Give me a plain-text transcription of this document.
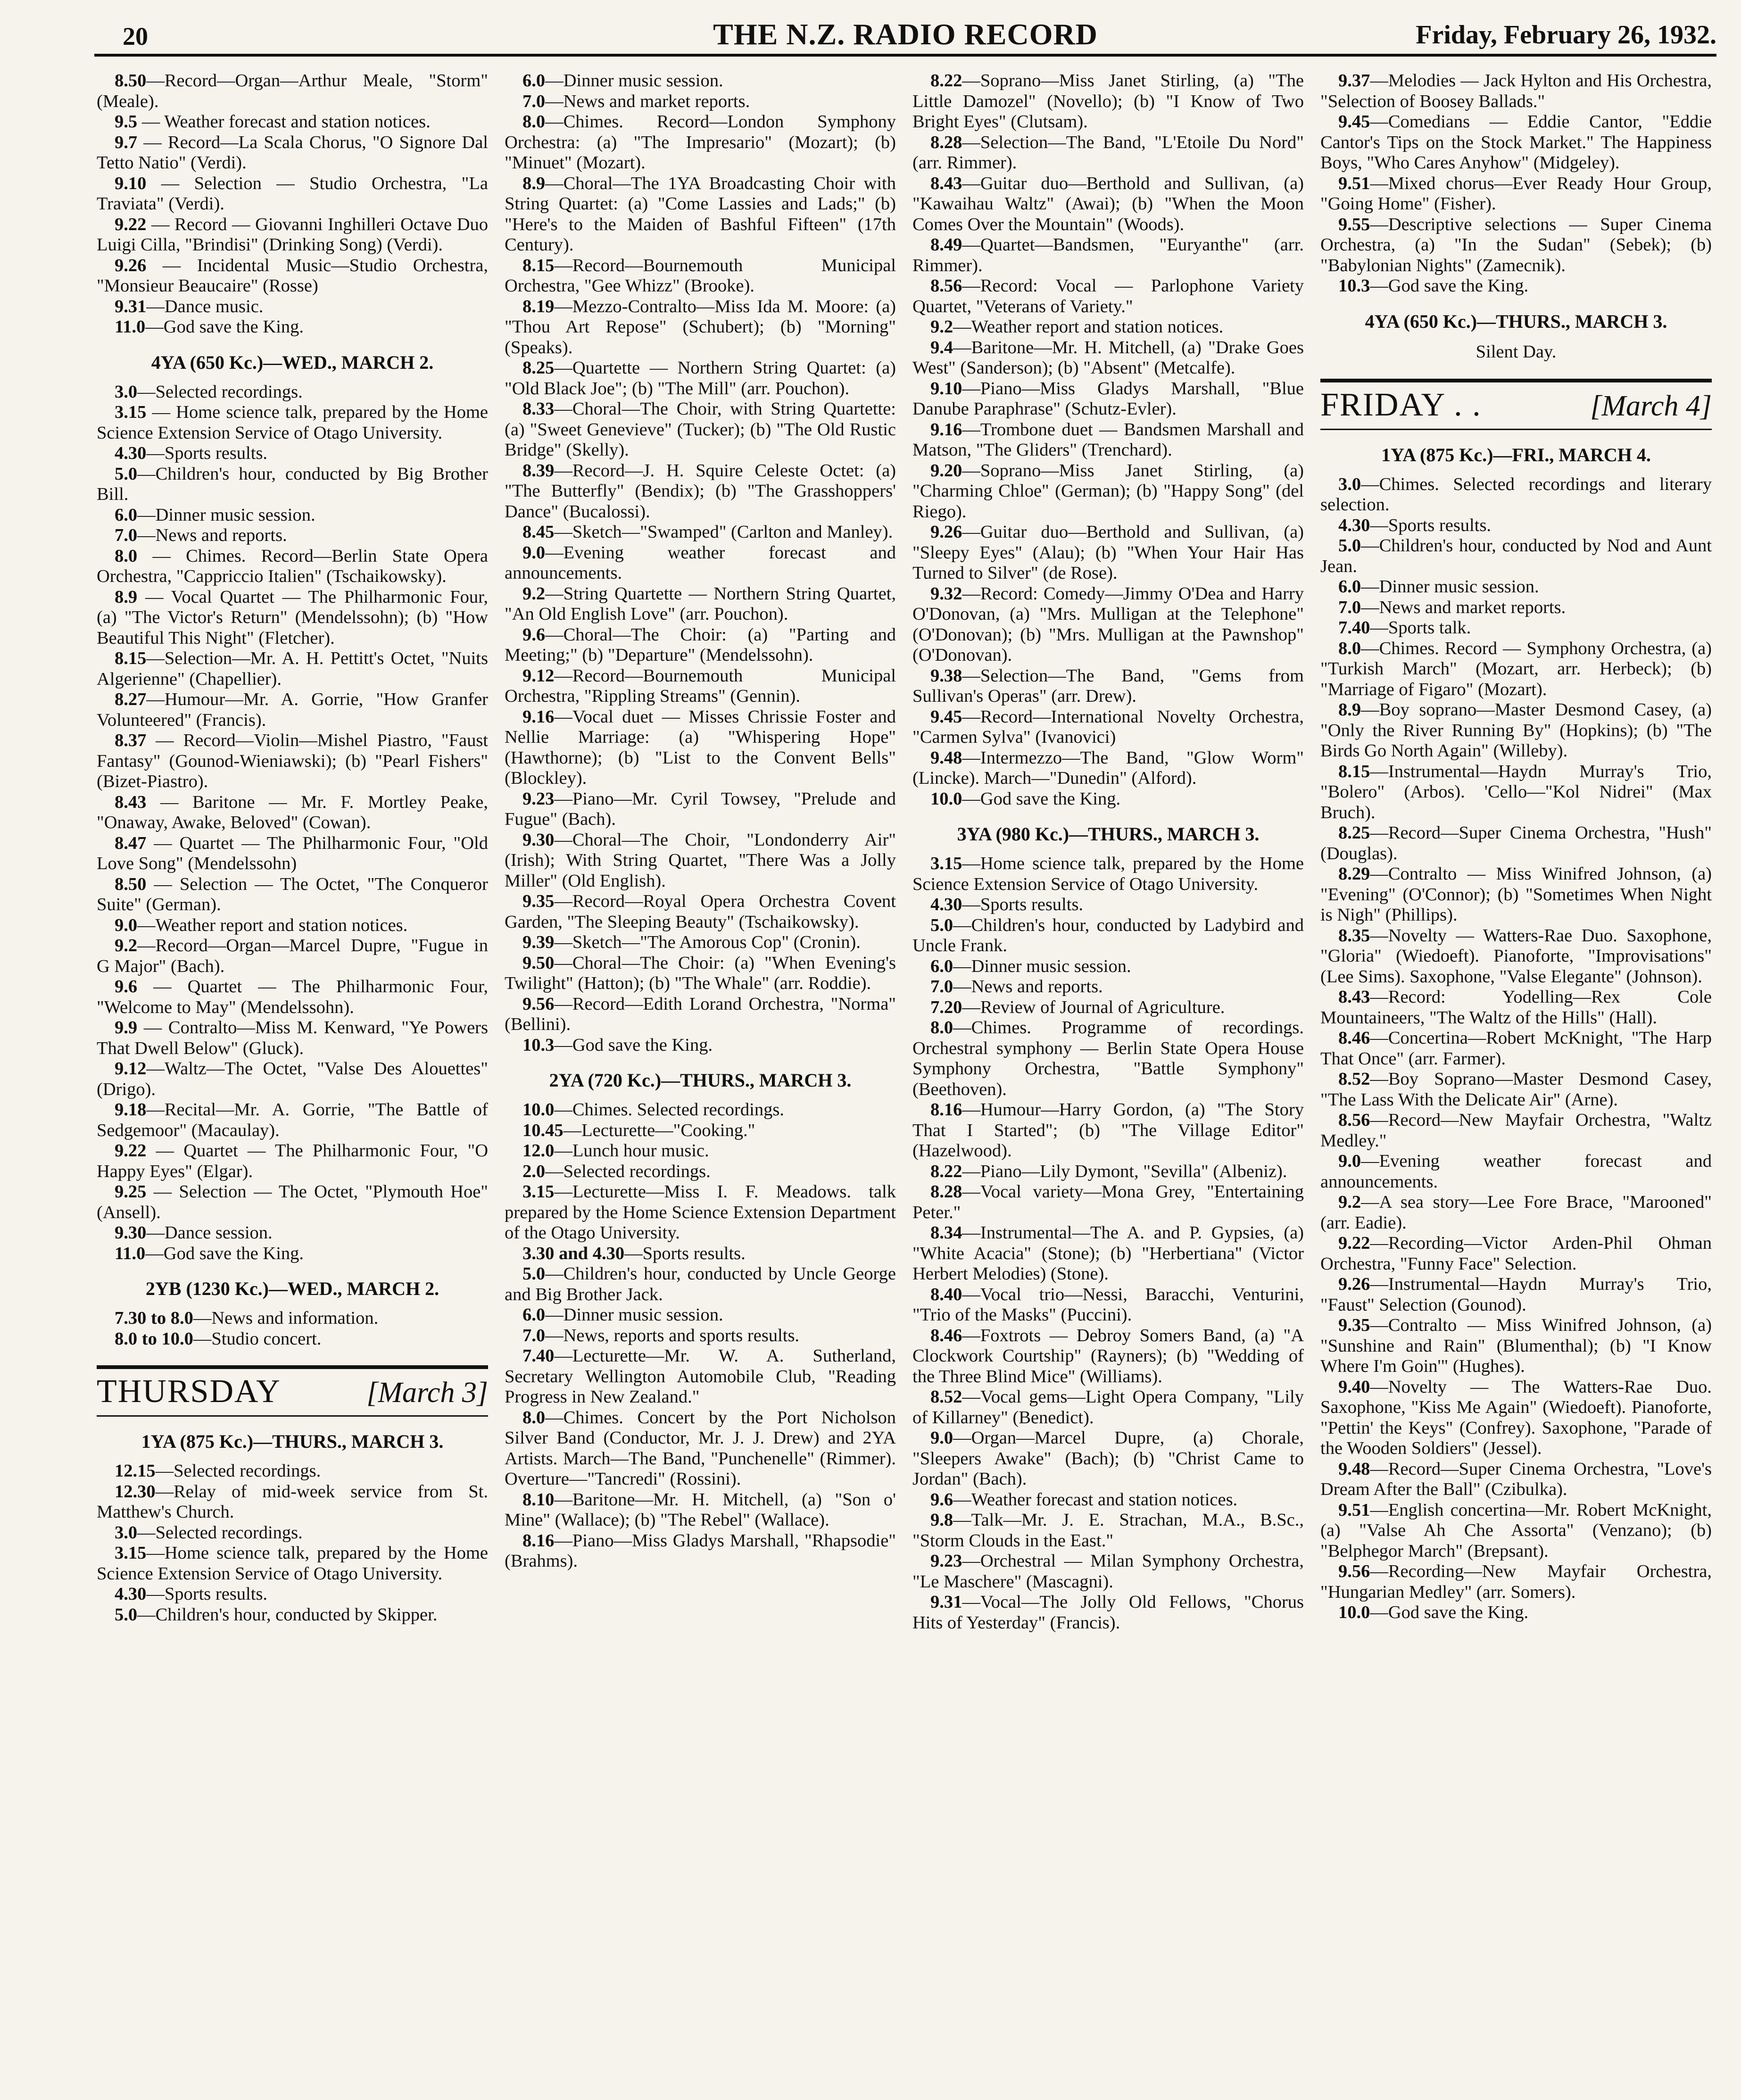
20	THE N.Z. RADIO RECORD	Friday, February 26, 1932.

8.50—Record—Organ—Arthur Meale, "Storm" (Meale).

9.5 — Weather forecast and station notices.

9.7 — Record—La Scala Chorus, "O Signore Dal Tetto Natio" (Verdi).

9.10 — Selection — Studio Orchestra, "La Traviata" (Verdi).

9.22 — Record — Giovanni Inghilleri Octave Duo Luigi Cilla, "Brindisi" (Drinking Song) (Verdi).

9.26 — Incidental Music—Studio Orchestra, "Monsieur Beaucaire" (Rosse)

9.31—Dance music.

11.0—God save the King.

4YA (650 Kc.)—WED., MARCH 2.

3.0—Selected recordings.

3.15 — Home science talk, prepared by the Home Science Extension Service of Otago University.

4.30—Sports results.

5.0—Children's hour, conducted by Big Brother Bill.

6.0—Dinner music session.

7.0—News and reports.

8.0 — Chimes. Record—Berlin State Opera Orchestra, "Cappriccio Italien" (Tschaikowsky).

8.9 — Vocal Quartet — The Philharmonic Four, (a) "The Victor's Return" (Mendelssohn); (b) "How Beautiful This Night" (Fletcher).

8.15—Selection—Mr. A. H. Pettitt's Octet, "Nuits Algerienne" (Chapellier).

8.27—Humour—Mr. A. Gorrie, "How Granfer Volunteered" (Francis).

8.37 — Record—Violin—Mishel Piastro, "Faust Fantasy" (Gounod-Wieniawski); (b) "Pearl Fishers" (Bizet-Piastro).

8.43 — Baritone — Mr. F. Mortley Peake, "Onaway, Awake, Beloved" (Cowan).

8.47 — Quartet — The Philharmonic Four, "Old Love Song" (Mendelssohn)

8.50 — Selection — The Octet, "The Conqueror Suite" (German).

9.0—Weather report and station notices.

9.2—Record—Organ—Marcel Dupre, "Fugue in G Major" (Bach).

9.6 — Quartet — The Philharmonic Four, "Welcome to May" (Mendelssohn).

9.9 — Contralto—Miss M. Kenward, "Ye Powers That Dwell Below" (Gluck).

9.12—Waltz—The Octet, "Valse Des Alouettes" (Drigo).

9.18—Recital—Mr. A. Gorrie, "The Battle of Sedgemoor" (Macaulay).

9.22 — Quartet — The Philharmonic Four, "O Happy Eyes" (Elgar).

9.25 — Selection — The Octet, "Plymouth Hoe" (Ansell).

9.30—Dance session.

11.0—God save the King.

2YB (1230 Kc.)—WED., MARCH 2.

7.30 to 8.0—News and information.

8.0 to 10.0—Studio concert.

THURSDAY	[March 3]
1YA (875 Kc.)—THURS., MARCH 3.

12.15—Selected recordings.

12.30—Relay of mid-week service from St. Matthew's Church.

3.0—Selected recordings.

3.15—Home science talk, prepared by the Home Science Extension Service of Otago University.

4.30—Sports results.

5.0—Children's hour, conducted by Skipper.

6.0—Dinner music session.

7.0—News and market reports.

8.0—Chimes. Record—London Symphony Orchestra: (a) "The Impresario" (Mozart); (b) "Minuet" (Mozart).

8.9—Choral—The 1YA Broadcasting Choir with String Quartet: (a) "Come Lassies and Lads;" (b) "Here's to the Maiden of Bashful Fifteen" (17th Century).

8.15—Record—Bournemouth Municipal Orchestra, "Gee Whizz" (Brooke).

8.19—Mezzo-Contralto—Miss Ida M. Moore: (a) "Thou Art Repose" (Schubert); (b) "Morning" (Speaks).

8.25—Quartette — Northern String Quartet: (a) "Old Black Joe"; (b) "The Mill" (arr. Pouchon).

8.33—Choral—The Choir, with String Quartette: (a) "Sweet Genevieve" (Tucker); (b) "The Old Rustic Bridge" (Skelly).

8.39—Record—J. H. Squire Celeste Octet: (a) "The Butterfly" (Bendix); (b) "The Grasshoppers' Dance" (Bucalossi).

8.45—Sketch—"Swamped" (Carlton and Manley).

9.0—Evening weather forecast and announcements.

9.2—String Quartette — Northern String Quartet, "An Old English Love" (arr. Pouchon).

9.6—Choral—The Choir: (a) "Parting and Meeting;" (b) "Departure" (Mendelssohn).

9.12—Record—Bournemouth Municipal Orchestra, "Rippling Streams" (Gennin).

9.16—Vocal duet — Misses Chrissie Foster and Nellie Marriage: (a) "Whispering Hope" (Hawthorne); (b) "List to the Convent Bells" (Blockley).

9.23—Piano—Mr. Cyril Towsey, "Prelude and Fugue" (Bach).

9.30—Choral—The Choir, "Londonderry Air" (Irish); With String Quartet, "There Was a Jolly Miller" (Old English).

9.35—Record—Royal Opera Orchestra Covent Garden, "The Sleeping Beauty" (Tschaikowsky).

9.39—Sketch—"The Amorous Cop" (Cronin).

9.50—Choral—The Choir: (a) "When Evening's Twilight" (Hatton); (b) "The Whale" (arr. Roddie).

9.56—Record—Edith Lorand Orchestra, "Norma" (Bellini).

10.3—God save the King.

2YA (720 Kc.)—THURS., MARCH 3.

10.0—Chimes. Selected recordings.

10.45—Lecturette—"Cooking."

12.0—Lunch hour music.

2.0—Selected recordings.

3.15—Lecturette—Miss I. F. Meadows. talk prepared by the Home Science Extension Department of the Otago University.

3.30 and 4.30—Sports results.

5.0—Children's hour, conducted by Uncle George and Big Brother Jack.

6.0—Dinner music session.

7.0—News, reports and sports results.

7.40—Lecturette—Mr. W. A. Sutherland, Secretary Wellington Automobile Club, "Reading Progress in New Zealand."

8.0—Chimes. Concert by the Port Nicholson Silver Band (Conductor, Mr. J. J. Drew) and 2YA Artists. March—The Band, "Punchenelle" (Rimmer). Overture—"Tancredi" (Rossini).

8.10—Baritone—Mr. H. Mitchell, (a) "Son o' Mine" (Wallace); (b) "The Rebel" (Wallace).

8.16—Piano—Miss Gladys Marshall, "Rhapsodie" (Brahms).

8.22—Soprano—Miss Janet Stirling, (a) "The Little Damozel" (Novello); (b) "I Know of Two Bright Eyes" (Clutsam).

8.28—Selection—The Band, "L'Etoile Du Nord" (arr. Rimmer).

8.43—Guitar duo—Berthold and Sullivan, (a) "Kawaihau Waltz" (Awai); (b) "When the Moon Comes Over the Mountain" (Woods).

8.49—Quartet—Bandsmen, "Euryanthe" (arr. Rimmer).

8.56—Record: Vocal — Parlophone Variety Quartet, "Veterans of Variety."

9.2—Weather report and station notices.

9.4—Baritone—Mr. H. Mitchell, (a) "Drake Goes West" (Sanderson); (b) "Absent" (Metcalfe).

9.10—Piano—Miss Gladys Marshall, "Blue Danube Paraphrase" (Schutz-Evler).

9.16—Trombone duet — Bandsmen Marshall and Matson, "The Gliders" (Trenchard).

9.20—Soprano—Miss Janet Stirling, (a) "Charming Chloe" (German); (b) "Happy Song" (del Riego).

9.26—Guitar duo—Berthold and Sullivan, (a) "Sleepy Eyes" (Alau); (b) "When Your Hair Has Turned to Silver" (de Rose).

9.32—Record: Comedy—Jimmy O'Dea and Harry O'Donovan, (a) "Mrs. Mulligan at the Telephone" (O'Donovan); (b) "Mrs. Mulligan at the Pawnshop" (O'Donovan).

9.38—Selection—The Band, "Gems from Sullivan's Operas" (arr. Drew).

9.45—Record—International Novelty Orchestra, "Carmen Sylva" (Ivanovici)

9.48—Intermezzo—The Band, "Glow Worm" (Lincke). March—"Dunedin" (Alford).

10.0—God save the King.

3YA (980 Kc.)—THURS., MARCH 3.

3.15—Home science talk, prepared by the Home Science Extension Service of Otago University.

4.30—Sports results.

5.0—Children's hour, conducted by Ladybird and Uncle Frank.

6.0—Dinner music session.

7.0—News and reports.

7.20—Review of Journal of Agriculture.

8.0—Chimes. Programme of recordings. Orchestral symphony — Berlin State Opera House Symphony Orchestra, "Battle Symphony" (Beethoven).

8.16—Humour—Harry Gordon, (a) "The Story That I Started"; (b) "The Village Editor" (Hazelwood).

8.22—Piano—Lily Dymont, "Sevilla" (Albeniz).

8.28—Vocal variety—Mona Grey, "Entertaining Peter."

8.34—Instrumental—The A. and P. Gypsies, (a) "White Acacia" (Stone); (b) "Herbertiana" (Victor Herbert Melodies) (Stone).

8.40—Vocal trio—Nessi, Baracchi, Venturini, "Trio of the Masks" (Puccini).

8.46—Foxtrots — Debroy Somers Band, (a) "A Clockwork Courtship" (Rayners); (b) "Wedding of the Three Blind Mice" (Williams).

8.52—Vocal gems—Light Opera Company, "Lily of Killarney" (Benedict).

9.0—Organ—Marcel Dupre, (a) Chorale, "Sleepers Awake" (Bach); (b) "Christ Came to Jordan" (Bach).

9.6—Weather forecast and station notices.

9.8—Talk—Mr. J. E. Strachan, M.A., B.Sc., "Storm Clouds in the East."

9.23—Orchestral — Milan Symphony Orchestra, "Le Maschere" (Mascagni).

9.31—Vocal—The Jolly Old Fellows, "Chorus Hits of Yesterday" (Francis).

9.37—Melodies — Jack Hylton and His Orchestra, "Selection of Boosey Ballads."

9.45—Comedians — Eddie Cantor, "Eddie Cantor's Tips on the Stock Market." The Happiness Boys, "Who Cares Anyhow" (Midgeley).

9.51—Mixed chorus—Ever Ready Hour Group, "Going Home" (Fisher).

9.55—Descriptive selections — Super Cinema Orchestra, (a) "In the Sudan" (Sebek); (b) "Babylonian Nights" (Zamecnik).

10.3—God save the King.

4YA (650 Kc.)—THURS., MARCH 3.
Silent Day.
FRIDAY . .	[March 4]
1YA (875 Kc.)—FRI., MARCH 4.

3.0—Chimes. Selected recordings and literary selection.

4.30—Sports results.

5.0—Children's hour, conducted by Nod and Aunt Jean.

6.0—Dinner music session.

7.0—News and market reports.

7.40—Sports talk.

8.0—Chimes. Record — Symphony Orchestra, (a) "Turkish March" (Mozart, arr. Herbeck); (b) "Marriage of Figaro" (Mozart).

8.9—Boy soprano—Master Desmond Casey, (a) "Only the River Running By" (Hopkins); (b) "The Birds Go North Again" (Willeby).

8.15—Instrumental—Haydn Murray's Trio, "Bolero" (Arbos). 'Cello—"Kol Nidrei" (Max Bruch).

8.25—Record—Super Cinema Orchestra, "Hush" (Douglas).

8.29—Contralto — Miss Winifred Johnson, (a) "Evening" (O'Connor); (b) "Sometimes When Night is Nigh" (Phillips).

8.35—Novelty — Watters-Rae Duo. Saxophone, "Gloria" (Wiedoeft). Pianoforte, "Improvisations" (Lee Sims). Saxophone, "Valse Elegante" (Johnson).

8.43—Record: Yodelling—Rex Cole Mountaineers, "The Waltz of the Hills" (Hall).

8.46—Concertina—Robert McKnight, "The Harp That Once" (arr. Farmer).

8.52—Boy Soprano—Master Desmond Casey, "The Lass With the Delicate Air" (Arne).

8.56—Record—New Mayfair Orchestra, "Waltz Medley."

9.0—Evening weather forecast and announcements.

9.2—A sea story—Lee Fore Brace, "Marooned" (arr. Eadie).

9.22—Recording—Victor Arden-Phil Ohman Orchestra, "Funny Face" Selection.

9.26—Instrumental—Haydn Murray's Trio, "Faust" Selection (Gounod).

9.35—Contralto — Miss Winifred Johnson, (a) "Sunshine and Rain" (Blumenthal); (b) "I Know Where I'm Goin'" (Hughes).

9.40—Novelty — The Watters-Rae Duo. Saxophone, "Kiss Me Again" (Wiedoeft). Pianoforte, "Pettin' the Keys" (Confrey). Saxophone, "Parade of the Wooden Soldiers" (Jessel).

9.48—Record—Super Cinema Orchestra, "Love's Dream After the Ball" (Czibulka).

9.51—English concertina—Mr. Robert McKnight, (a) "Valse Ah Che Assorta" (Venzano); (b) "Belphegor March" (Brepsant).

9.56—Recording—New Mayfair Orchestra, "Hungarian Medley" (arr. Somers).

10.0—God save the King.
